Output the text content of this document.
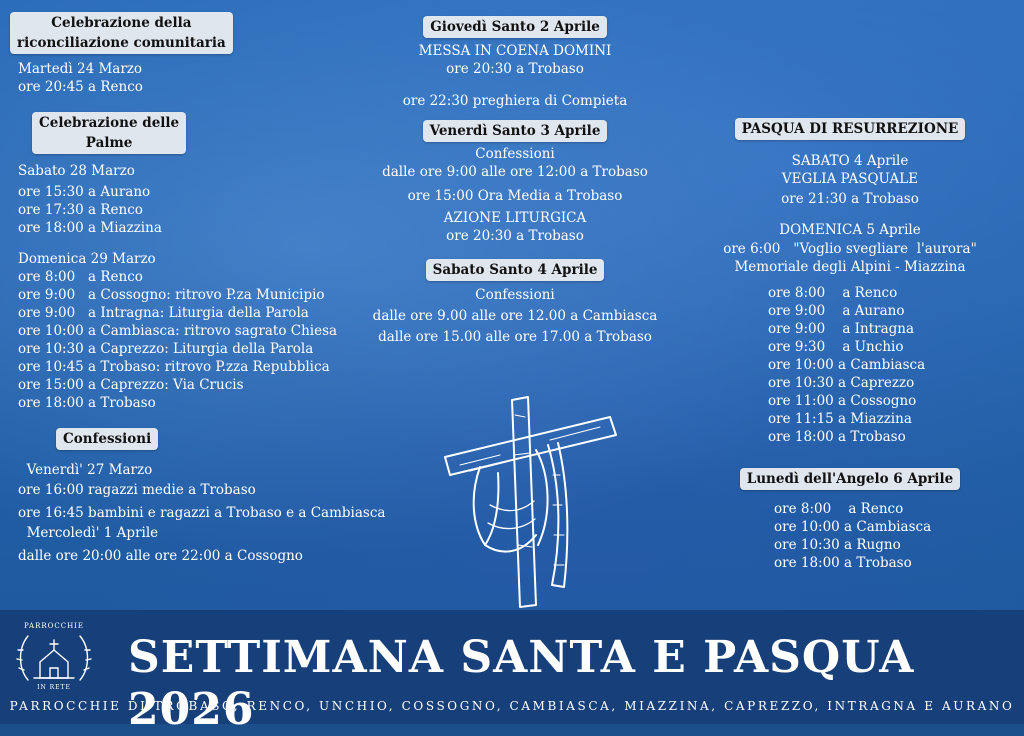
Celebrazione della
riconciliazione comunitaria
Martedì 24 Marzo
ore 20:45 a Renco
Celebrazione delle
Palme
Sabato 28 Marzo
ore 15:30 a Aurano
ore 17:30 a Renco
ore 18:00 a Miazzina
Domenica 29 Marzo
ore 8:00   a Renco
ore 9:00   a Cossogno: ritrovo P.za Municipio
ore 9:00   a Intragna: Liturgia della Parola
ore 10:00 a Cambiasca: ritrovo sagrato Chiesa
ore 10:30 a Caprezzo: Liturgia della Parola
ore 10:45 a Trobaso: ritrovo P.zza Repubblica
ore 15:00 a Caprezzo: Via Crucis
ore 18:00 a Trobaso
Confessioni
Venerdì' 27 Marzo
ore 16:00 ragazzi medie a Trobaso
ore 16:45 bambini e ragazzi a Trobaso e a Cambiasca
Mercoledì' 1 Aprile
dalle ore 20:00 alle ore 22:00 a Cossogno
Giovedì Santo 2 Aprile
MESSA IN COENA DOMINI
ore 20:30 a Trobaso
ore 22:30 preghiera di Compieta
Venerdì Santo 3 Aprile
Confessioni
dalle ore 9:00 alle ore 12:00 a Trobaso
ore 15:00 Ora Media a Trobaso
AZIONE LITURGICA
ore 20:30 a Trobaso
Sabato Santo 4 Aprile
Confessioni
dalle ore 9.00 alle ore 12.00 a Cambiasca
dalle ore 15.00 alle ore 17.00 a Trobaso
PASQUA DI RESURREZIONE
SABATO 4 Aprile
VEGLIA PASQUALE
ore 21:30 a Trobaso
DOMENICA 5 Aprile
ore 6:00   "Voglio svegliare  l'aurora"
Memoriale degli Alpini - Miazzina
ore 8:00    a Renco
ore 9:00    a Aurano
ore 9:00    a Intragna
ore 9:30    a Unchio
ore 10:00 a Cambiasca
ore 10:30 a Caprezzo
ore 11:00 a Cossogno
ore 11:15 a Miazzina
ore 18:00 a Trobaso
Lunedì dell'Angelo 6 Aprile
ore 8:00    a Renco
ore 10:00 a Cambiasca
ore 10:30 a Rugno
ore 18:00 a Trobaso
PARROCCHIE
IN RETE
SETTIMANA SANTA E PASQUA 2026
PARROCCHIE DI TROBASO, RENCO, UNCHIO, COSSOGNO, CAMBIASCA, MIAZZINA, CAPREZZO, INTRAGNA E AURANO
